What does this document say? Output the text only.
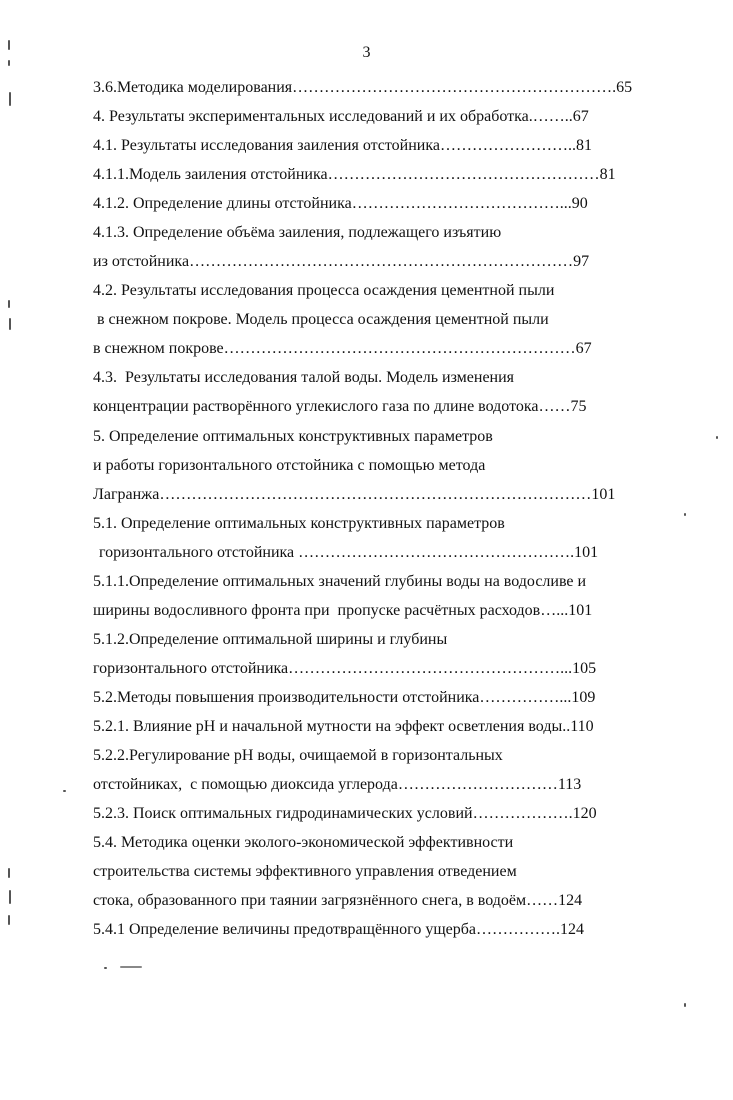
3
3.6.Методика моделирования…………………………………………………….65
4. Результаты экспериментальных исследований и их обработка.……..67
4.1. Результаты исследования заиления отстойника……………………..81
4.1.1.Модель заиления отстойника……………………………………………81
4.1.2. Определение длины отстойника…………………………………...90
4.1.3. Определение объёма заиления, подлежащего изъятию
из отстойника………………………………………………………………97
4.2. Результаты исследования процесса осаждения цементной пыли
в снежном покрове. Модель процесса осаждения цементной пыли
в снежном покрове…………………………………………………………67
4.3.  Результаты исследования талой воды. Модель изменения
концентрации растворённого углекислого газа по длине водотока……75
5. Определение оптимальных конструктивных параметров
и работы горизонтального отстойника с помощью метода
Лагранжа………………………………………………………………………101
5.1. Определение оптимальных конструктивных параметров
горизонтального отстойника …………………………………………….101
5.1.1.Определение оптимальных значений глубины воды на водосливе и
ширины водосливного фронта при  пропуске расчётных расходов…...101
5.1.2.Определение оптимальной ширины и глубины
горизонтального отстойника……………………………………………...105
5.2.Методы повышения производительности отстойника……………...109
5.2.1. Влияние рН и начальной мутности на эффект осветления воды..110
5.2.2.Регулирование рН воды, очищаемой в горизонтальных
отстойниках,  с помощью диоксида углерода…………………………113
5.2.3. Поиск оптимальных гидродинамических условий……………….120
5.4. Методика оценки эколого-экономической эффективности
строительства системы эффективного управления отведением
стока, образованного при таянии загрязнённого снега, в водоём……124
5.4.1 Определение величины предотвращённого ущерба…………….124
